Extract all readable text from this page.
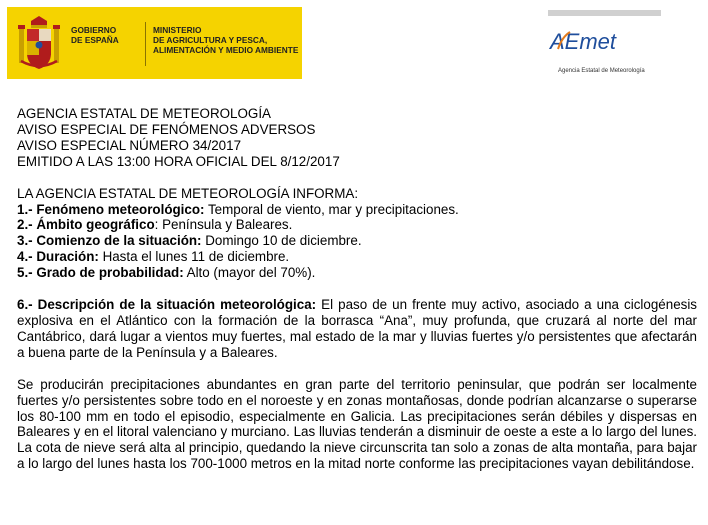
GOBIERNO
DE ESPAÑA
MINISTERIO
DE AGRICULTURA Y PESCA,
ALIMENTACIÓN Y MEDIO AMBIENTE	AEmet
Agencia Estatal de Meteorología

AGENCIA ESTATAL DE METEOROLOGÍA

AVISO ESPECIAL DE FENÓMENOS ADVERSOS

AVISO ESPECIAL NÚMERO 34/2017

EMITIDO A LAS 13:00 HORA OFICIAL DEL 8/12/2017

LA AGENCIA ESTATAL DE METEOROLOGÍA INFORMA:

1.- Fenómeno meteorológico: Temporal de viento, mar y precipitaciones.

2.- Ámbito geográfico: Península y Baleares.

3.- Comienzo de la situación: Domingo 10 de diciembre.

4.- Duración: Hasta el lunes 11 de diciembre.

5.- Grado de probabilidad: Alto (mayor del 70%).

6.- Descripción de la situación meteorológica: El paso de un frente muy activo, asociado a una ciclogénesis explosiva en el Atlántico con la formación de la borrasca “Ana”, muy profunda, que cruzará al norte del mar Cantábrico, dará lugar a vientos muy fuertes, mal estado de la mar y lluvias fuertes y/o persistentes que afectarán a buena parte de la Península y a Baleares.

Se producirán precipitaciones abundantes en gran parte del territorio peninsular, que podrán ser localmente fuertes y/o persistentes sobre todo en el noroeste y en zonas montañosas, donde podrían alcanzarse o superarse los 80-100 mm en todo el episodio, especialmente en Galicia. Las precipitaciones serán débiles y dispersas en Baleares y en el litoral valenciano y murciano. Las lluvias tenderán a disminuir de oeste a este a lo largo del lunes. La cota de nieve será alta al principio, quedando la nieve circunscrita tan solo a zonas de alta montaña, para bajar a lo largo del lunes hasta los 700-1000 metros en la mitad norte conforme las precipitaciones vayan debilitándose.
